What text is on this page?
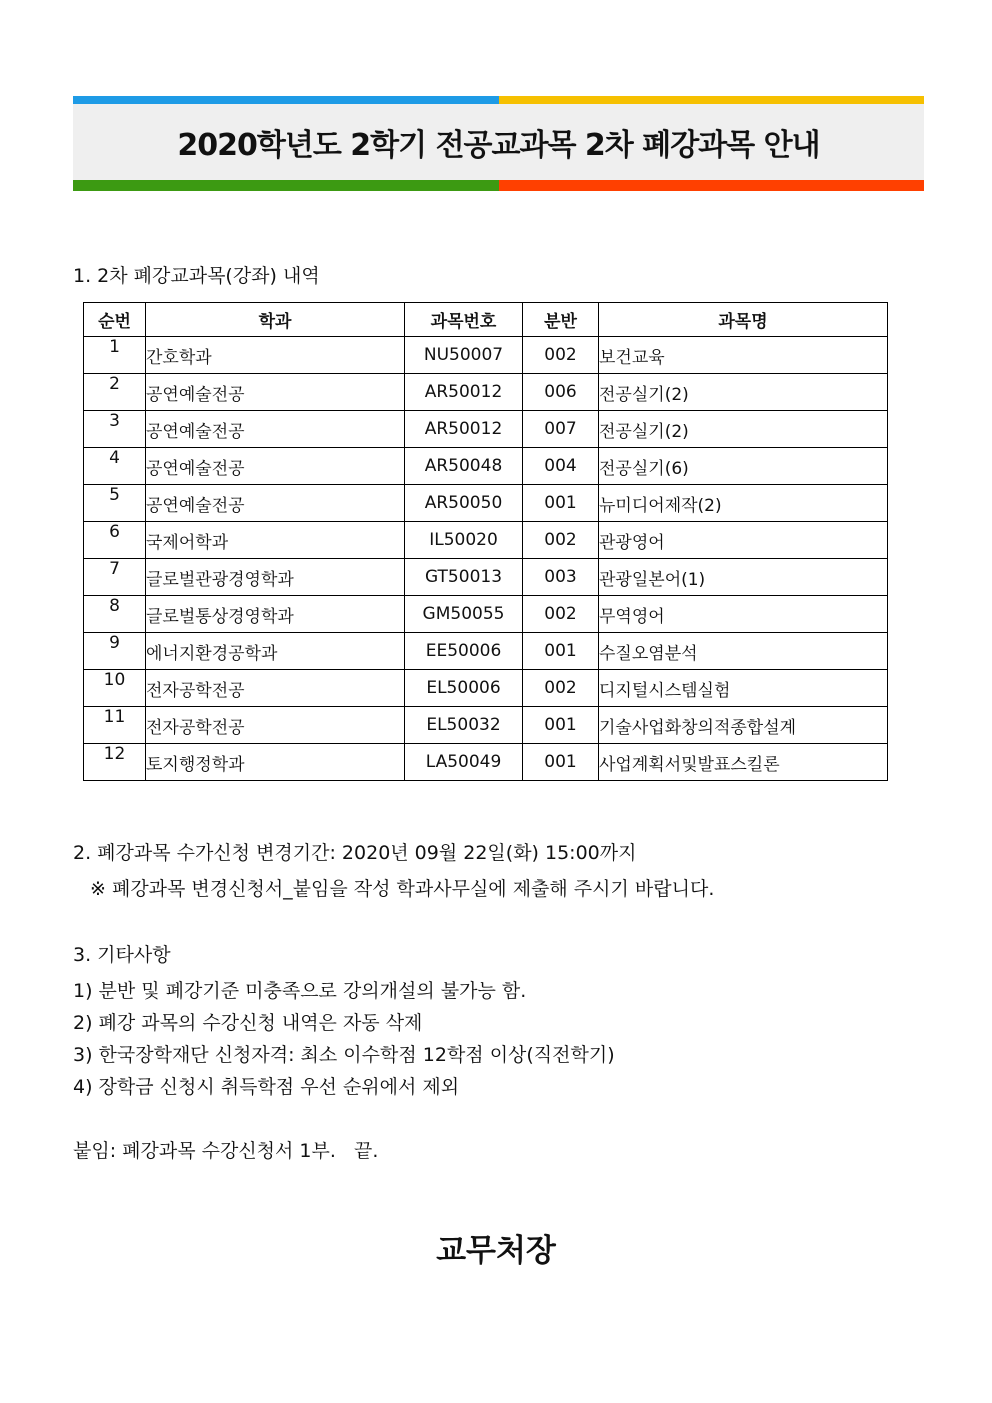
2020학년도 2학기 전공교과목 2차 폐강과목 안내
1. 2차 폐강교과목(강좌) 내역
순번	학과	과목번호	분반	과목명
1	간호학과	NU50007	002	보건교육
2	공연예술전공	AR50012	006	전공실기(2)
3	공연예술전공	AR50012	007	전공실기(2)
4	공연예술전공	AR50048	004	전공실기(6)
5	공연예술전공	AR50050	001	뉴미디어제작(2)
6	국제어학과	IL50020	002	관광영어
7	글로벌관광경영학과	GT50013	003	관광일본어(1)
8	글로벌통상경영학과	GM50055	002	무역영어
9	에너지환경공학과	EE50006	001	수질오염분석
10	전자공학전공	EL50006	002	디지털시스템실험
11	전자공학전공	EL50032	001	기술사업화창의적종합설계
12	토지행정학과	LA50049	001	사업계획서및발표스킬론
2. 폐강과목 수가신청 변경기간: 2020년 09월 22일(화) 15:00까지
※ 폐강과목 변경신청서_붙임을 작성 학과사무실에 제출해 주시기 바랍니다.
3. 기타사항
1) 분반 및 폐강기준 미충족으로 강의개설의 불가능 함.
2) 폐강 과목의 수강신청 내역은 자동 삭제
3) 한국장학재단 신청자격: 최소 이수학점 12학점 이상(직전학기)
4) 장학금 신청시 취득학점 우선 순위에서 제외
붙임: 폐강과목 수강신청서 1부.   끝.
교무처장
